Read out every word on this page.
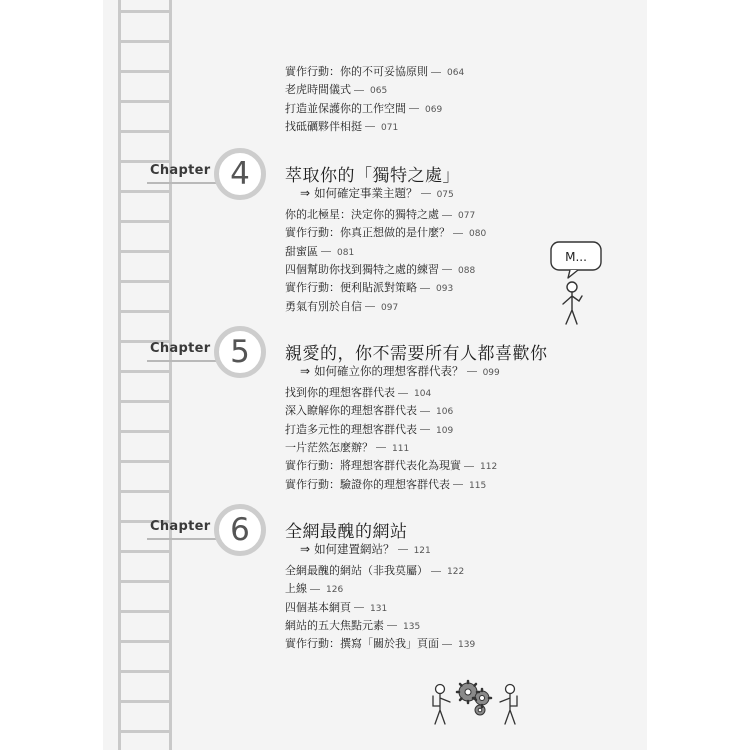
實作行動：你的不可妥協原則 064
老虎時間儀式 065
打造並保護你的工作空間 069
找砥礪夥伴相挺 071
Chapter 4	萃取你的「獨特之處」
⇒ 如何確定事業主題？ 075
你的北極星：決定你的獨特之處 077
實作行動：你真正想做的是什麼？ 080
甜蜜區 081
四個幫助你找到獨特之處的練習 088
實作行動：便利貼派對策略 093
勇氣有別於自信 097
Chapter 5	親愛的，你不需要所有人都喜歡你
⇒ 如何確立你的理想客群代表？ 099
找到你的理想客群代表 104
深入瞭解你的理想客群代表 106
打造多元性的理想客群代表 109
一片茫然怎麼辦？ 111
實作行動：將理想客群代表化為現實 112
實作行動：驗證你的理想客群代表 115
Chapter 6	全網最醜的網站
⇒ 如何建置網站？ 121
全網最醜的網站（非我莫屬） 122
上線 126
四個基本網頁 131
網站的五大焦點元素 135
實作行動：撰寫「關於我」頁面 139
M...
